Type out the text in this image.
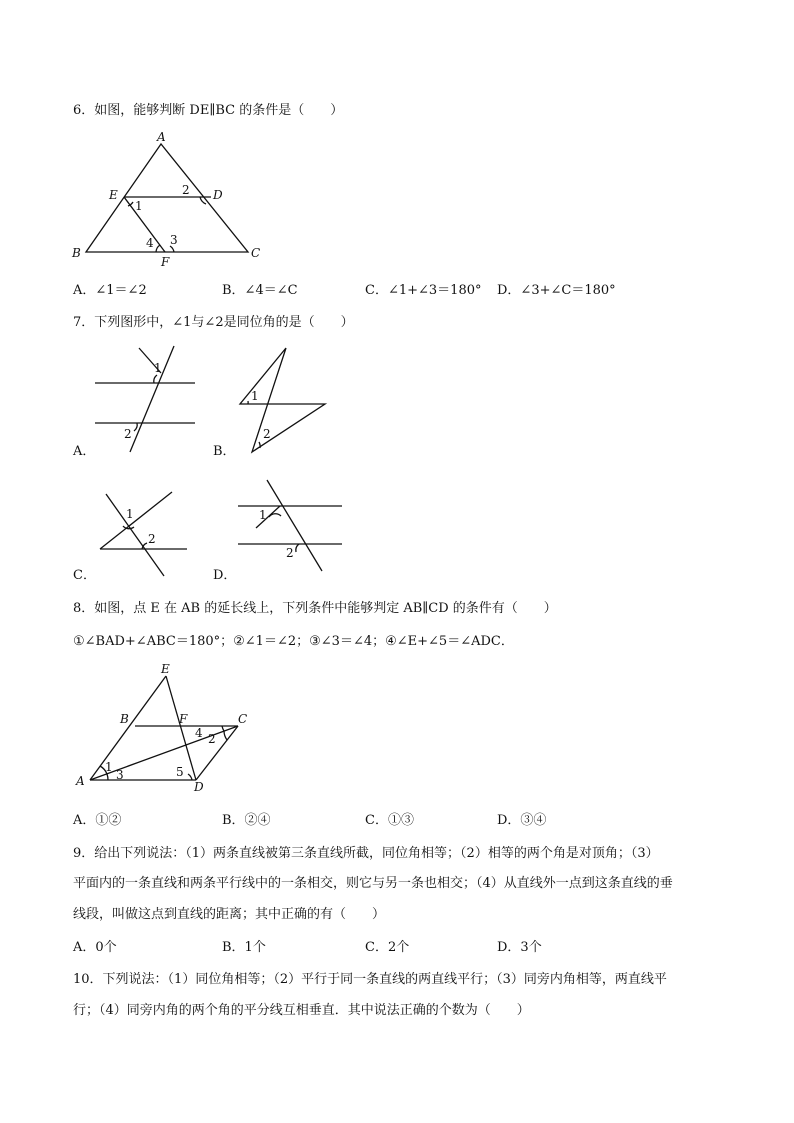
6．如图，能够判断 DE∥BC 的条件是（　　）
A
E	D
B	C
F
1
2
3
4
A．∠1＝∠2	B．∠4＝∠C	C．∠1+∠3＝180° D．∠3+∠C＝180°
7．下列图形中，∠1与∠2是同位角的是（　　）
1
2
A．
1
2
B．
1
2
C．
1
2
D．
8．如图，点 E 在 AB 的延长线上，下列条件中能够判定 AB∥CD 的条件有（　　）
①∠BAD+∠ABC＝180°；②∠1＝∠2；③∠3＝∠4；④∠E+∠5＝∠ADC．
E
B	F	C
A	D
1
3
2
4
5
A．①②	B．②④	C．①③	D．③④
9．给出下列说法：（1）两条直线被第三条直线所截，同位角相等；（2）相等的两个角是对顶角；（3）
平面内的一条直线和两条平行线中的一条相交，则它与另一条也相交；（4）从直线外一点到这条直线的垂
线段，叫做这点到直线的距离；其中正确的有（　　）
A．0个	B．1个	C．2个	D．3个
10．下列说法：（1）同位角相等；（2）平行于同一条直线的两直线平行；（3）同旁内角相等，两直线平
行；（4）同旁内角的两个角的平分线互相垂直．其中说法正确的个数为（　　）
